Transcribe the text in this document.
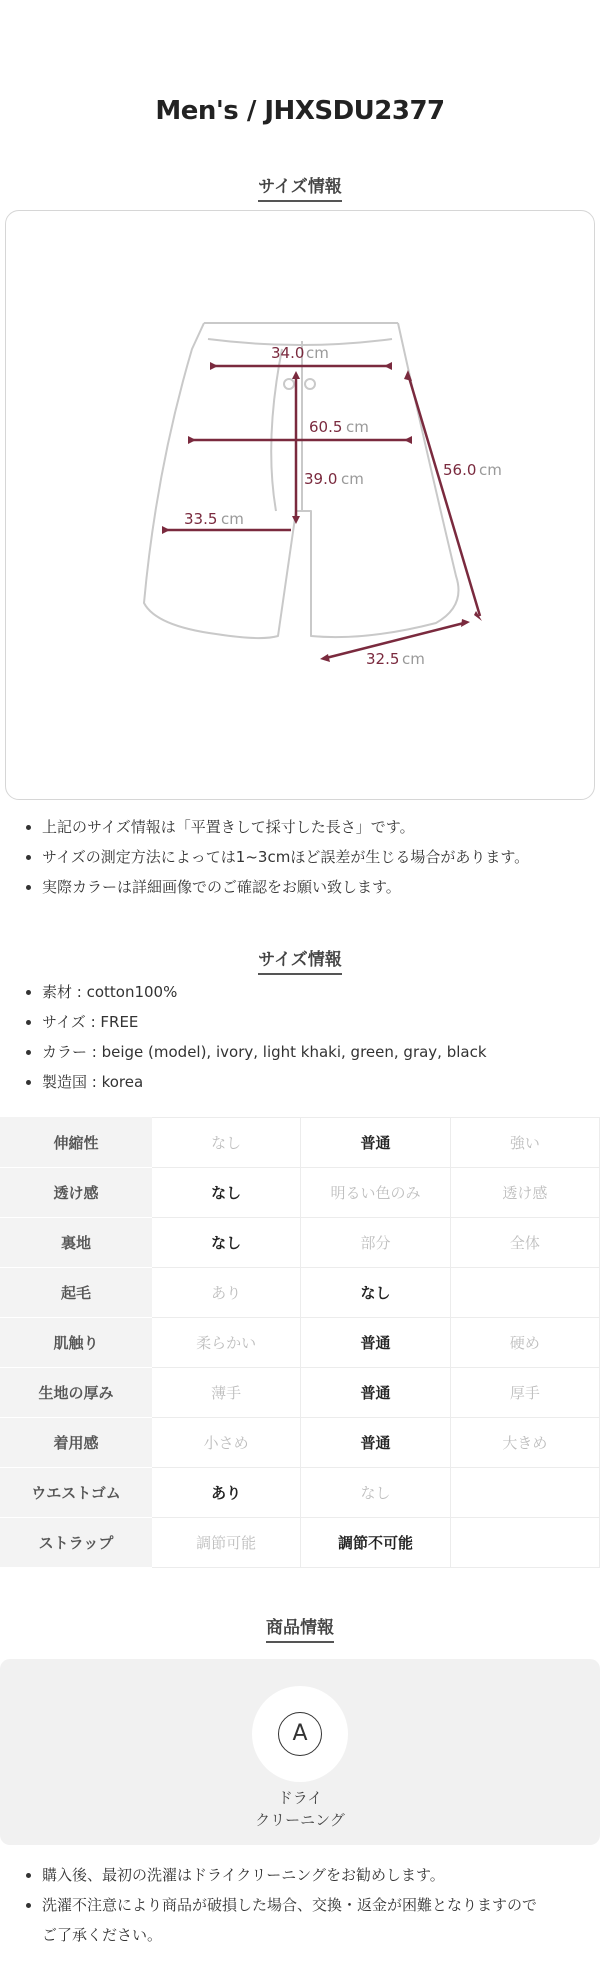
Men's / JHXSDU2377
サイズ情報
34.0 cm
60.5 cm
39.0 cm
33.5 cm
56.0 cm
32.5 cm
上記のサイズ情報は「平置きして採寸した長さ」です。
サイズの測定方法によっては1~3cmほど誤差が生じる場合があります。
実際カラーは詳細画像でのご確認をお願い致します。
サイズ情報
素材 : cotton100%
サイズ : FREE
カラー : beige (model), ivory, light khaki, green, gray, black
製造国 : korea
伸縮性	なし	普通	強い
透け感	なし	明るい色のみ	透け感
裏地	なし	部分	全体
起毛	あり	なし	
肌触り	柔らかい	普通	硬め
生地の厚み	薄手	普通	厚手
着用感	小さめ	普通	大きめ
ウエストゴム	あり	なし	
ストラップ	調節可能	調節不可能	
商品情報
A
ドライ
クリーニング
購入後、最初の洗濯はドライクリーニングをお勧めします。
洗濯不注意により商品が破損した場合、交換・返金が困難となりますので
ご了承ください。
